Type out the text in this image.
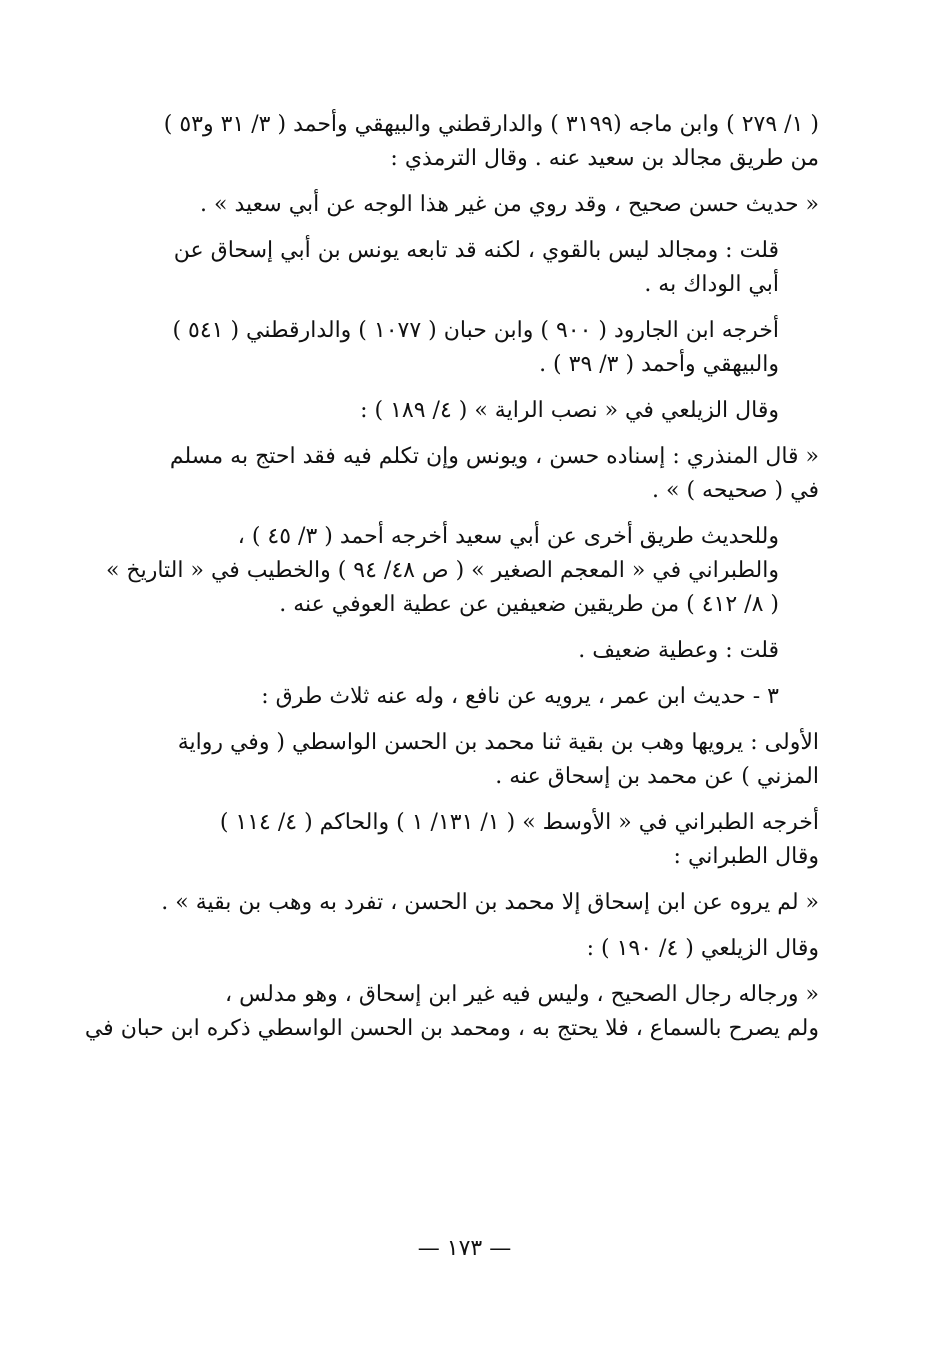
( ١/ ٢٧٩ ) وابن ماجه (٣١٩٩ ) والدارقطني والبيهقي وأحمد ( ٣/ ٣١ و٥٣ )
من طريق مجالد بن سعيد عنه . وقال الترمذي :

« حديث حسن صحيح ، وقد روي من غير هذا الوجه عن أبي سعيد » .

قلت : ومجالد ليس بالقوي ، لكنه قد تابعه يونس بن أبي إسحاق عن
أبي الوداك به .

أخرجه ابن الجارود ( ٩٠٠ ) وابن حبان ( ١٠٧٧ ) والدارقطني ( ٥٤١ )
والبيهقي وأحمد ( ٣/ ٣٩ ) .

وقال الزيلعي في « نصب الراية » ( ٤/ ١٨٩ ) :

« قال المنذري : إسناده حسن ، ويونس وإن تكلم فيه فقد احتج به مسلم
في ( صحيحه ) » .

وللحديث طريق أخرى عن أبي سعيد أخرجه أحمد ( ٣/ ٤٥ ) ،
والطبراني في « المعجم الصغير » ( ص ٤٨/ ٩٤ ) والخطيب في « التاريخ »
( ٨/ ٤١٢ ) من طريقين ضعيفين عن عطية العوفي عنه .

قلت : وعطية ضعيف .

٣ - حديث ابن عمر ، يرويه عن نافع ، وله عنه ثلاث طرق :

الأولى : يرويها وهب بن بقية ثنا محمد بن الحسن الواسطي ( وفي رواية
المزني ) عن محمد بن إسحاق عنه .

أخرجه الطبراني في « الأوسط » ( ١/ ١٣١/ ١ ) والحاكم ( ٤/ ١١٤ )
وقال الطبراني :

« لم يروه عن ابن إسحاق إلا محمد بن الحسن ، تفرد به وهب بن بقية » .

وقال الزيلعي ( ٤/ ١٩٠ ) :

« ورجاله رجال الصحيح ، وليس فيه غير ابن إسحاق ، وهو مدلس ،
ولم يصرح بالسماع ، فلا يحتج به ، ومحمد بن الحسن الواسطي ذكره ابن حبان في

— ١٧٣ —
